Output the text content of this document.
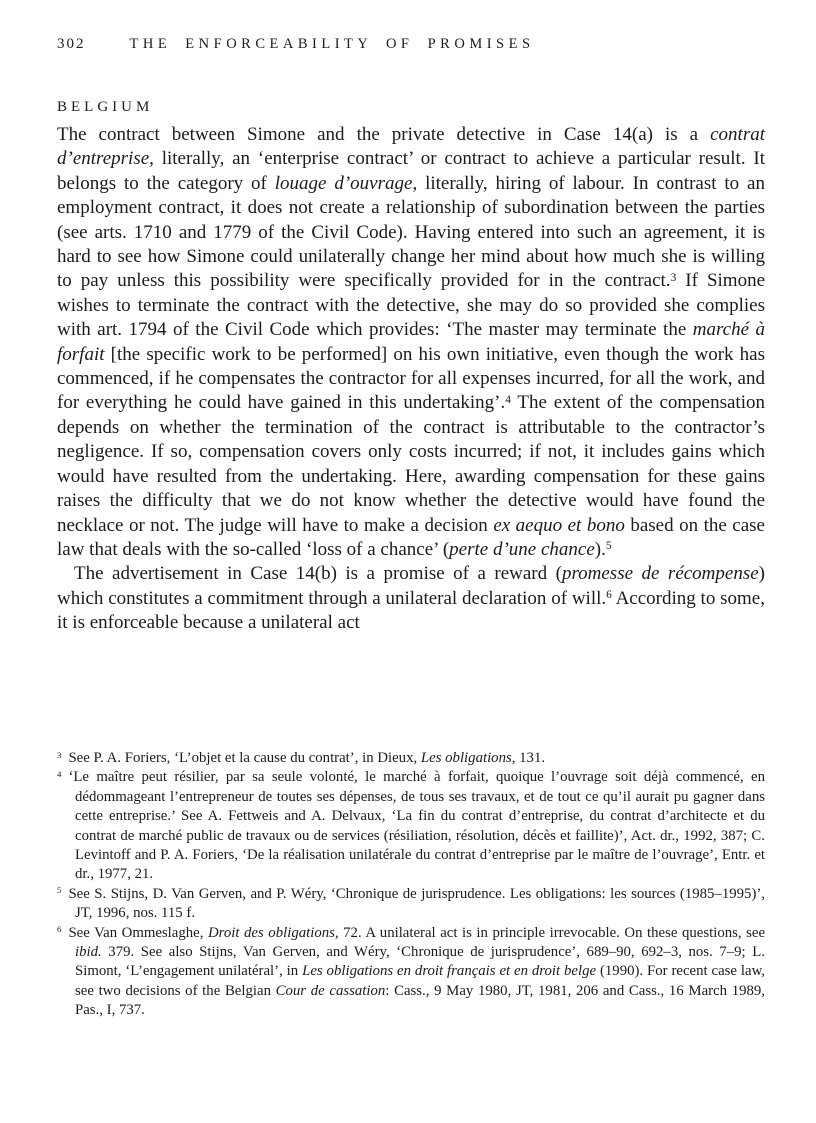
302	THE ENFORCEABILITY OF PROMISES
BELGIUM

The contract between Simone and the private detective in Case 14(a) is a contrat d’entreprise, literally, an ‘enterprise contract’ or contract to achieve a particular result. It belongs to the category of louage d’ouvrage, literally, hiring of labour. In contrast to an employment contract, it does not create a relationship of subordination between the parties (see arts. 1710 and 1779 of the Civil Code). Having entered into such an agreement, it is hard to see how Simone could unilaterally change her mind about how much she is willing to pay unless this possibility were specifically provided for in the contract.$^3$ If Simone wishes to terminate the contract with the detective, she may do so provided she complies with art. 1794 of the Civil Code which provides: ‘The master may terminate the marché à forfait [the specific work to be performed] on his own initiative, even though the work has commenced, if he compensates the contractor for all expenses incurred, for all the work, and for everything he could have gained in this undertaking’.$^4$ The extent of the compensation depends on whether the termination of the contract is attributable to the contractor’s negligence. If so, compensation covers only costs incurred; if not, it includes gains which would have resulted from the undertaking. Here, awarding compensation for these gains raises the difficulty that we do not know whether the detective would have found the necklace or not. The judge will have to make a decision ex aequo et bono based on the case law that deals with the so-called ‘loss of a chance’ (perte d’une chance).$^5$

The advertisement in Case 14(b) is a promise of a reward (promesse de récompense) which constitutes a commitment through a unilateral declaration of will.$^6$ According to some, it is enforceable because a unilateral act

$^3$ See P. A. Foriers, ‘L’objet et la cause du contrat’, in Dieux, Les obligations, 131.
$^4$ ‘Le maître peut résilier, par sa seule volonté, le marché à forfait, quoique l’ouvrage soit déjà commencé, en dédommageant l’entrepreneur de toutes ses dépenses, de tous ses travaux, et de tout ce qu’il aurait pu gagner dans cette entreprise.’ See A. Fettweis and A. Delvaux, ‘La fin du contrat d’entreprise, du contrat d’architecte et du contrat de marché public de travaux ou de services (résiliation, résolution, décès et faillite)’, Act. dr., 1992, 387; C. Levintoff and P. A. Foriers, ‘De la réalisation unilatérale du contrat d’entreprise par le maître de l’ouvrage’, Entr. et dr., 1977, 21.
$^5$ See S. Stijns, D. Van Gerven, and P. Wéry, ‘Chronique de jurisprudence. Les obligations: les sources (1985–1995)’, JT, 1996, nos. 115 f.
$^6$ See Van Ommeslaghe, Droit des obligations, 72. A unilateral act is in principle irrevocable. On these questions, see ibid. 379. See also Stijns, Van Gerven, and Wéry, ‘Chronique de jurisprudence’, 689–90, 692–3, nos. 7–9; L. Simont, ‘L’engagement unilatéral’, in Les obligations en droit français et en droit belge (1990). For recent case law, see two decisions of the Belgian Cour de cassation: Cass., 9 May 1980, JT, 1981, 206 and Cass., 16 March 1989, Pas., I, 737.
